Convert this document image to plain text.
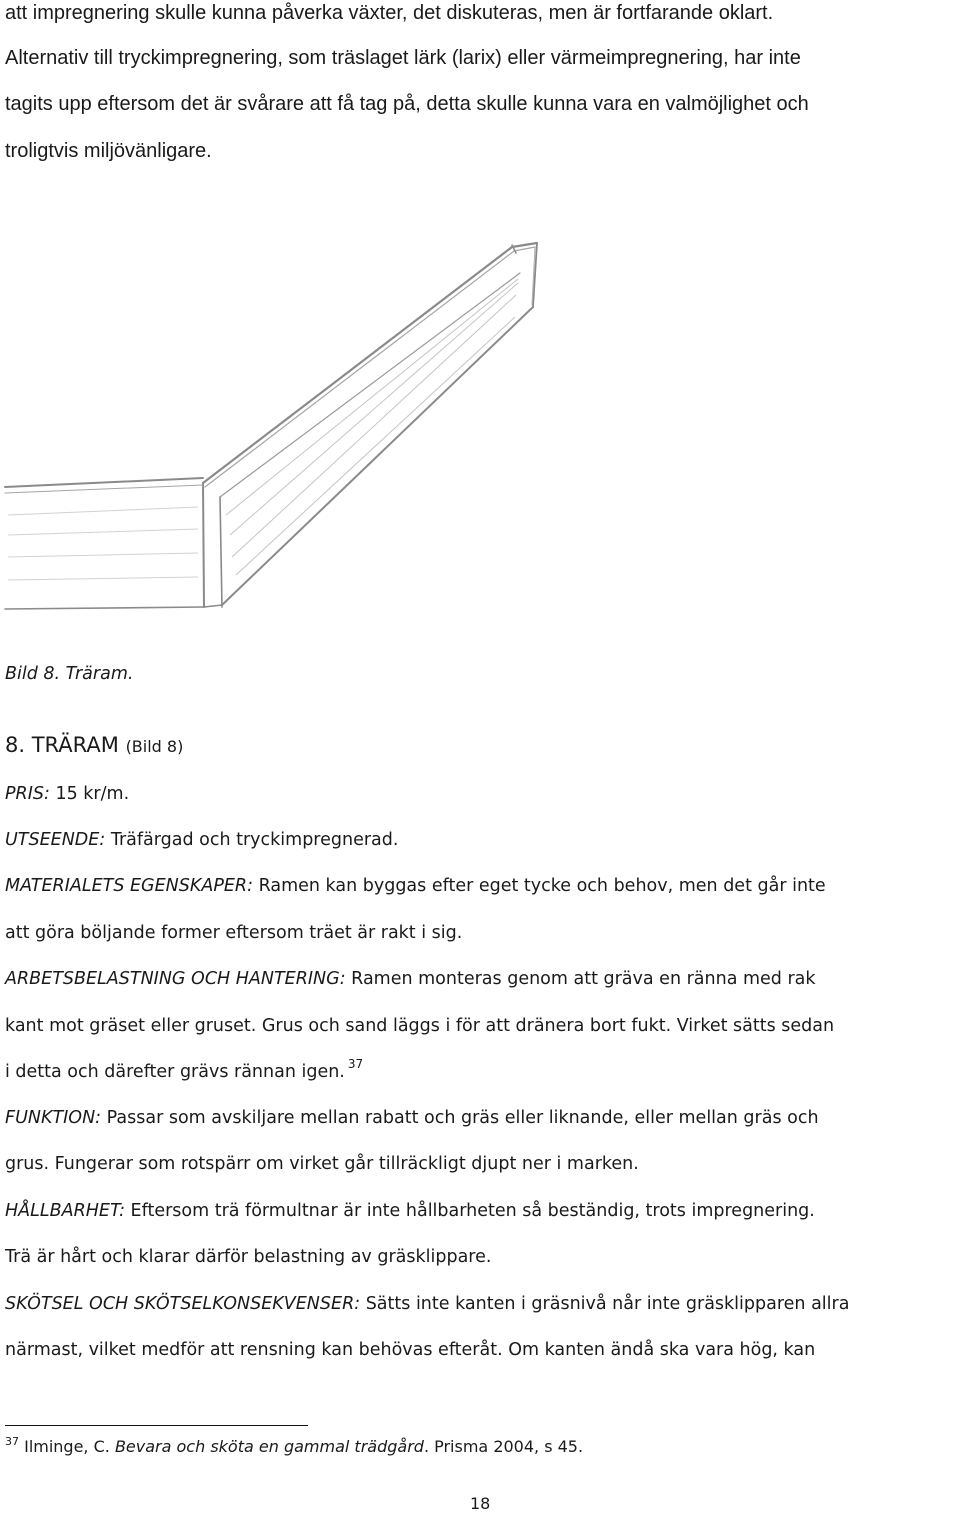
att impregnering skulle kunna påverka växter, det diskuteras, men är fortfarande oklart.
Alternativ till tryckimpregnering, som träslaget lärk (larix) eller värmeimpregnering, har inte
tagits upp eftersom det är svårare att få tag på, detta skulle kunna vara en valmöjlighet och
troligtvis miljövänligare.
Bild 8. Träram.
8. TRÄRAM (Bild 8)
PRIS: 15 kr/m.
UTSEENDE: Träfärgad och tryckimpregnerad.
MATERIALETS EGENSKAPER: Ramen kan byggas efter eget tycke och behov, men det går inte
att göra böljande former eftersom träet är rakt i sig.
ARBETSBELASTNING OCH HANTERING: Ramen monteras genom att gräva en ränna med rak
kant mot gräset eller gruset. Grus och sand läggs i för att dränera bort fukt. Virket sätts sedan
i detta och därefter grävs rännan igen. $^{37}$
FUNKTION: Passar som avskiljare mellan rabatt och gräs eller liknande, eller mellan gräs och
grus. Fungerar som rotspärr om virket går tillräckligt djupt ner i marken.
HÅLLBARHET: Eftersom trä förmultnar är inte hållbarheten så beständig, trots impregnering.
Trä är hårt och klarar därför belastning av gräsklippare.
SKÖTSEL OCH SKÖTSELKONSEKVENSER: Sätts inte kanten i gräsnivå når inte gräsklipparen allra
närmast, vilket medför att rensning kan behövas efteråt. Om kanten ändå ska vara hög, kan
$^{37}$ Ilminge, C. Bevara och sköta en gammal trädgård. Prisma 2004, s 45.
18
